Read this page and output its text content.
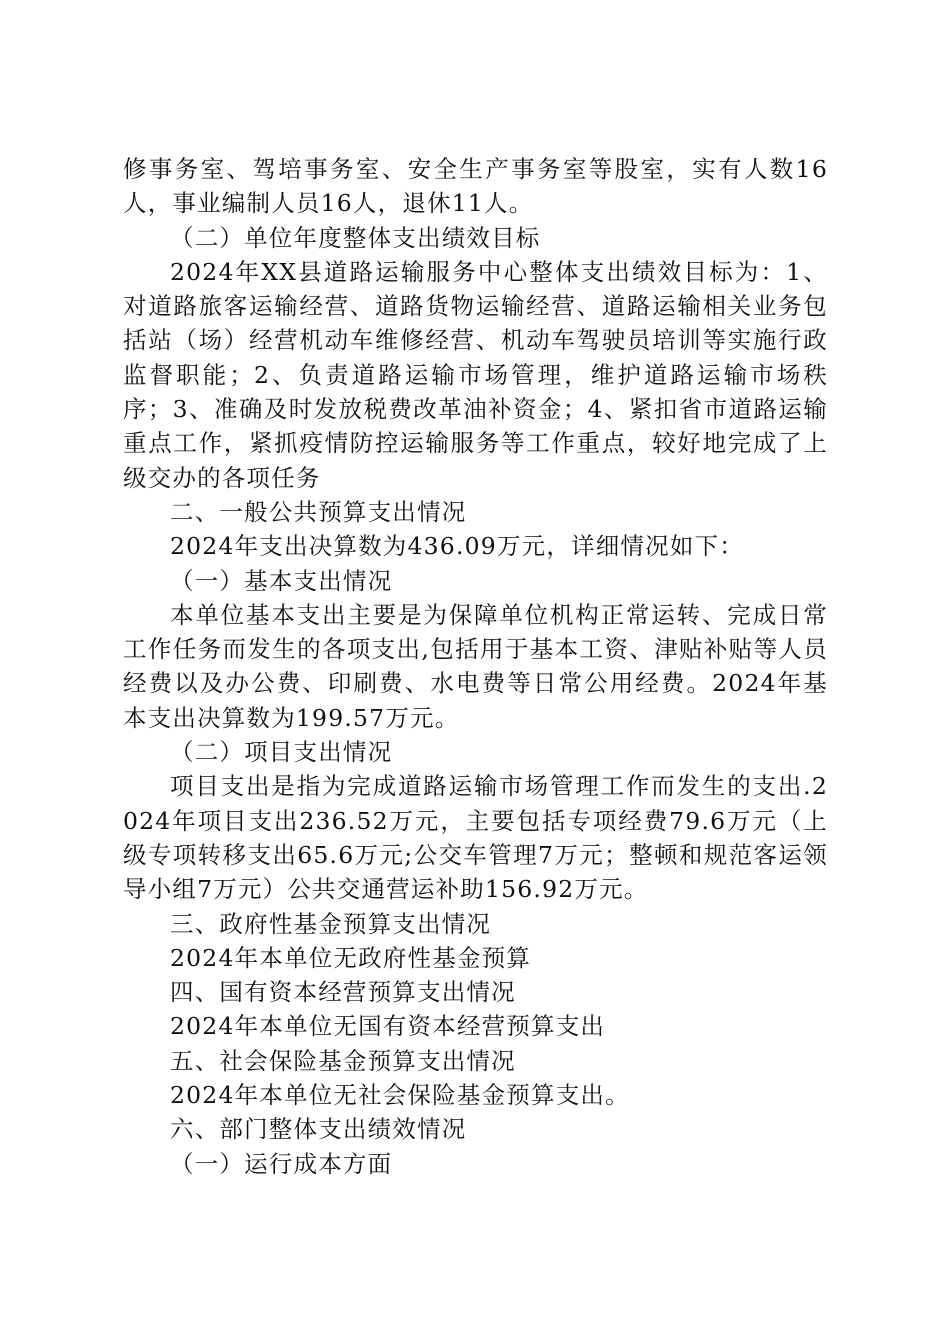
修事务室、驾培事务室、安全生产事务室等股室，实有人数16人，事业编制人员16人，退休11人。

（二）单位年度整体支出绩效目标

2024年XX县道路运输服务中心整体支出绩效目标为：1、对道路旅客运输经营、道路货物运输经营、道路运输相关业务包括站（场）经营机动车维修经营、机动车驾驶员培训等实施行政监督职能；2、负责道路运输市场管理，维护道路运输市场秩序；3、准确及时发放税费改革油补资金；4、紧扣省市道路运输重点工作，紧抓疫情防控运输服务等工作重点，较好地完成了上级交办的各项任务

二、一般公共预算支出情况

2024年支出决算数为436.09万元，详细情况如下：

（一）基本支出情况

本单位基本支出主要是为保障单位机构正常运转、完成日常工作任务而发生的各项支出,包括用于基本工资、津贴补贴等人员经费以及办公费、印刷费、水电费等日常公用经费。2024年基本支出决算数为199.57万元。

（二）项目支出情况

项目支出是指为完成道路运输市场管理工作而发生的支出.2024年项目支出236.52万元，主要包括专项经费79.6万元（上级专项转移支出65.6万元;公交车管理7万元；整顿和规范客运领导小组7万元）公共交通营运补助156.92万元。

三、政府性基金预算支出情况

2024年本单位无政府性基金预算

四、国有资本经营预算支出情况

2024年本单位无国有资本经营预算支出

五、社会保险基金预算支出情况

2024年本单位无社会保险基金预算支出。

六、部门整体支出绩效情况

（一）运行成本方面
